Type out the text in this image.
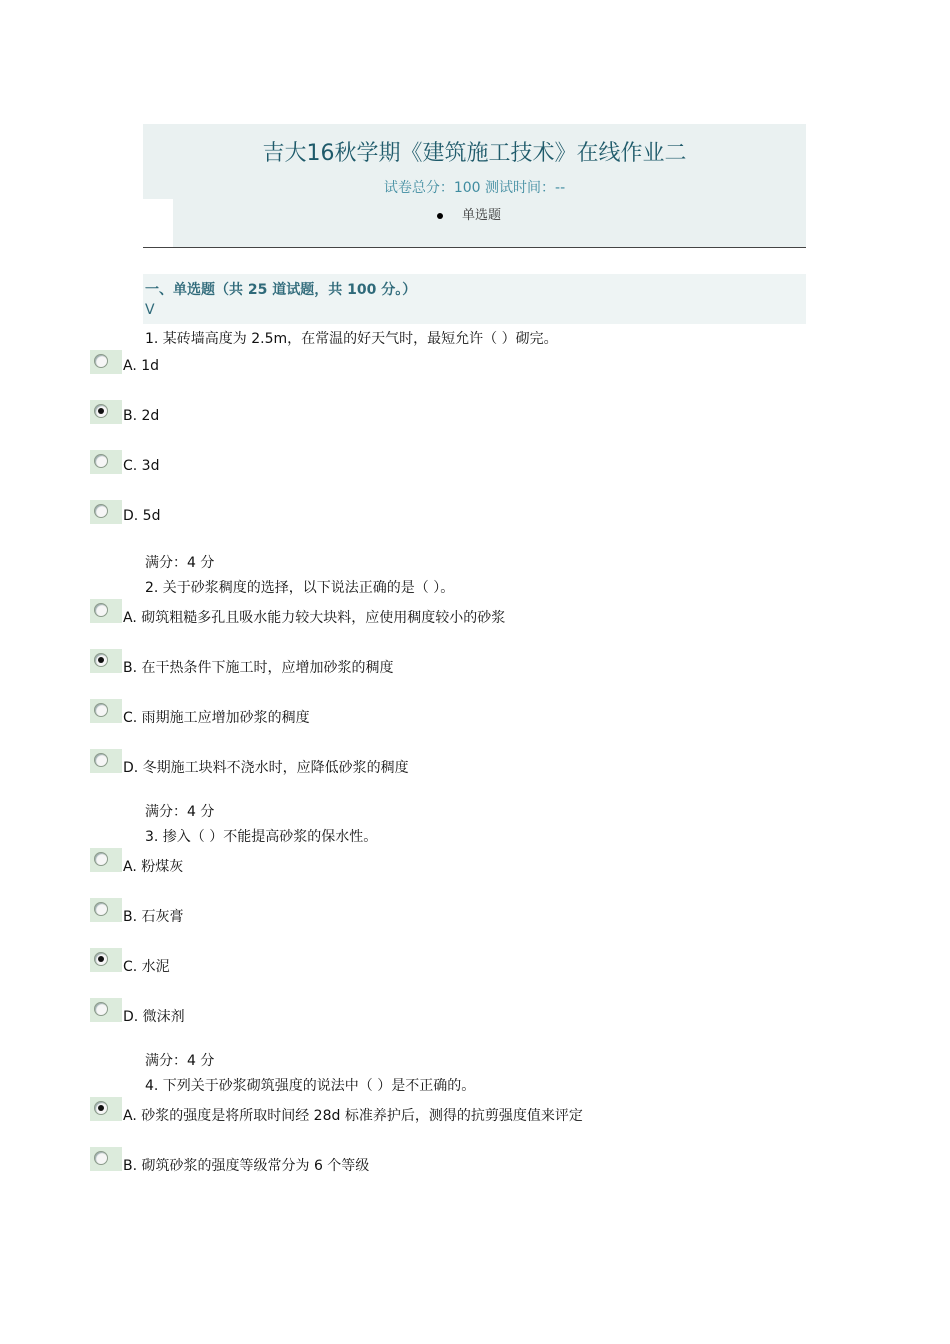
吉大16秋学期《建筑施工技术》在线作业二
试卷总分：100 测试时间：--
单选题
一、单选题（共 25 道试题，共 100 分。）
V
1. 某砖墙高度为 2.5m，在常温的好天气时，最短允许（ ）砌完。
A. 1d
B. 2d
C. 3d
D. 5d
满分：4 分
2. 关于砂浆稠度的选择，以下说法正确的是（ ）。
A. 砌筑粗糙多孔且吸水能力较大块料，应使用稠度较小的砂浆
B. 在干热条件下施工时，应增加砂浆的稠度
C. 雨期施工应增加砂浆的稠度
D. 冬期施工块料不浇水时，应降低砂浆的稠度
满分：4 分
3. 掺入（ ）不能提高砂浆的保水性。
A. 粉煤灰
B. 石灰膏
C. 水泥
D. 微沫剂
满分：4 分
4. 下列关于砂浆砌筑强度的说法中（ ）是不正确的。
A. 砂浆的强度是将所取时间经 28d 标准养护后，测得的抗剪强度值来评定
B. 砌筑砂浆的强度等级常分为 6 个等级
